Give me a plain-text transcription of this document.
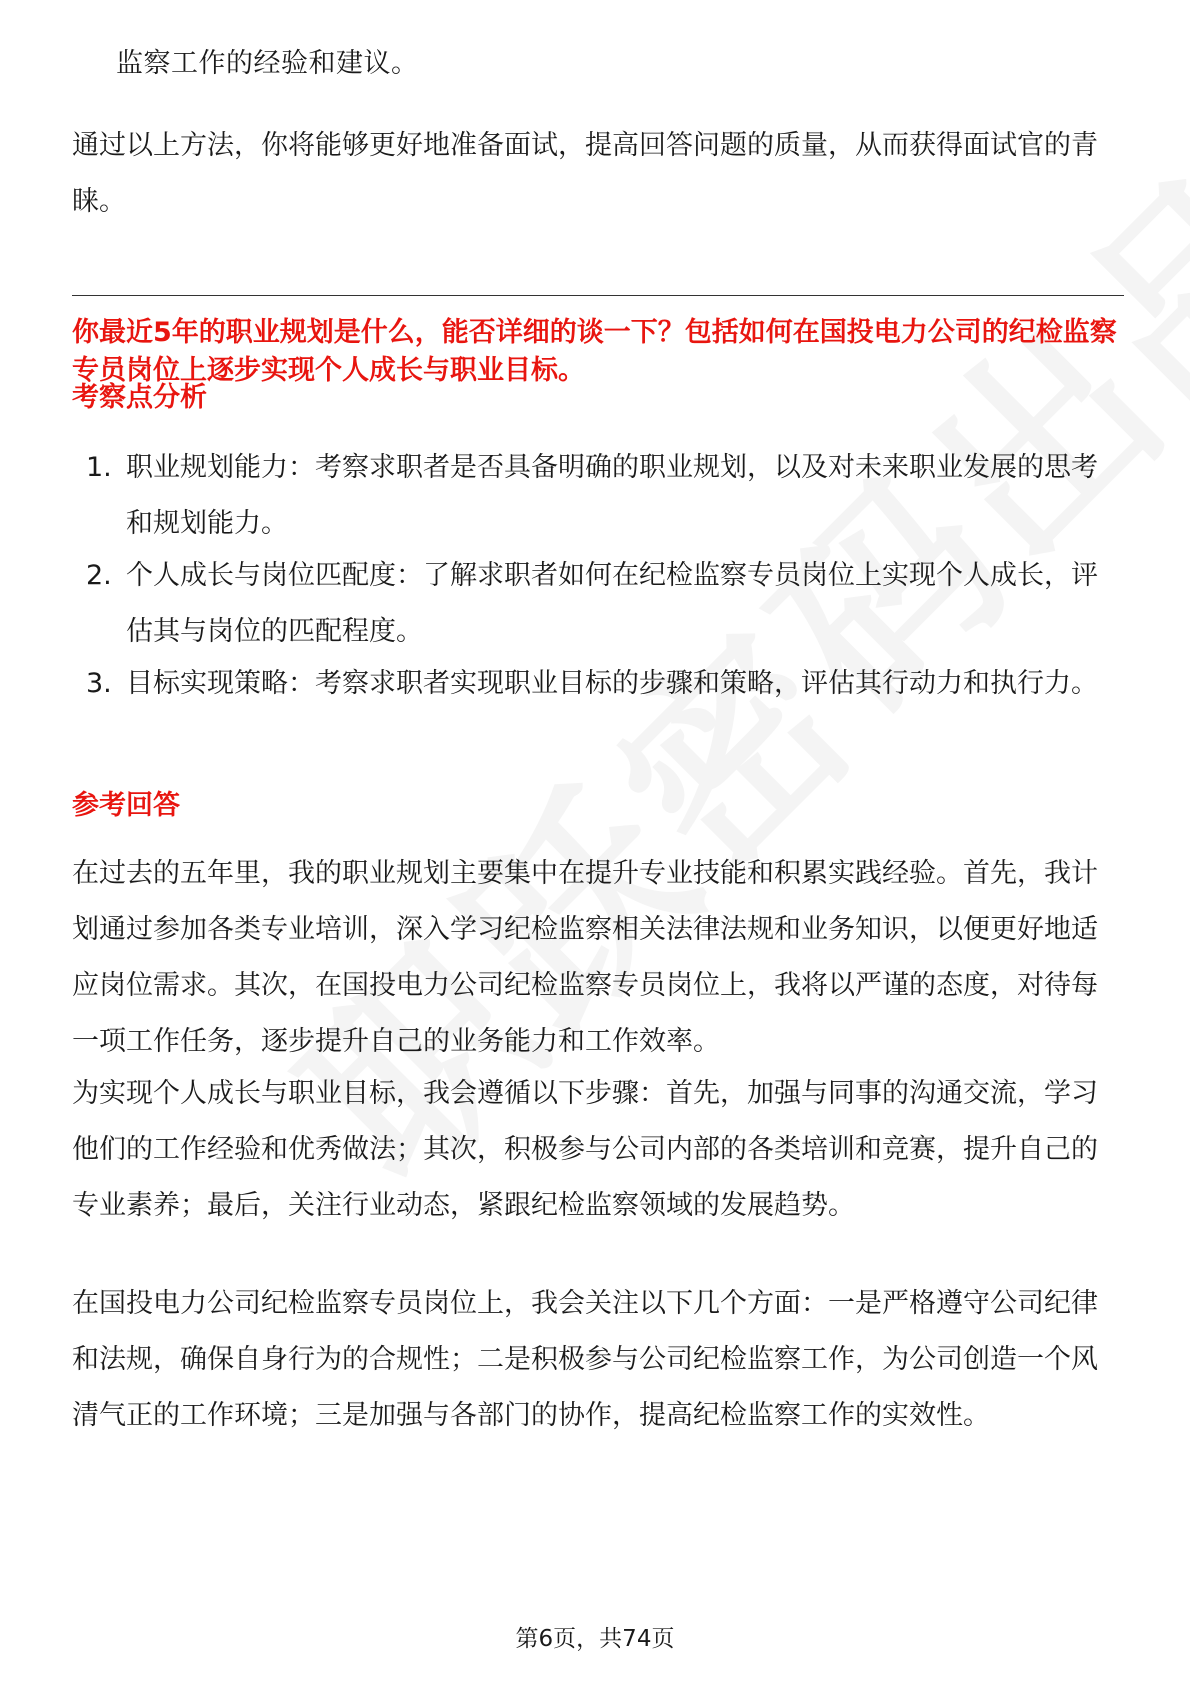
监察工作的经验和建议。
通过以上方法，你将能够更好地准备面试，提高回答问题的质量，从而获得面试官的青睐。
你最近5年的职业规划是什么，能否详细的谈一下？包括如何在国投电力公司的纪检监察专员岗位上逐步实现个人成长与职业目标。
考察点分析
1. 职业规划能力：考察求职者是否具备明确的职业规划，以及对未来职业发展的思考和规划能力。
2. 个人成长与岗位匹配度：了解求职者如何在纪检监察专员岗位上实现个人成长，评估其与岗位的匹配程度。
3. 目标实现策略：考察求职者实现职业目标的步骤和策略，评估其行动力和执行力。
参考回答
在过去的五年里，我的职业规划主要集中在提升专业技能和积累实践经验。首先，我计划通过参加各类专业培训，深入学习纪检监察相关法律法规和业务知识，以便更好地适应岗位需求。其次，在国投电力公司纪检监察专员岗位上，我将以严谨的态度，对待每一项工作任务，逐步提升自己的业务能力和工作效率。
为实现个人成长与职业目标，我会遵循以下步骤：首先，加强与同事的沟通交流，学习他们的工作经验和优秀做法；其次，积极参与公司内部的各类培训和竞赛，提升自己的专业素养；最后，关注行业动态，紧跟纪检监察领域的发展趋势。
在国投电力公司纪检监察专员岗位上，我会关注以下几个方面：一是严格遵守公司纪律和法规，确保自身行为的合规性；二是积极参与公司纪检监察工作，为公司创造一个风清气正的工作环境；三是加强与各部门的协作，提高纪检监察工作的实效性。
第6页，共74页
